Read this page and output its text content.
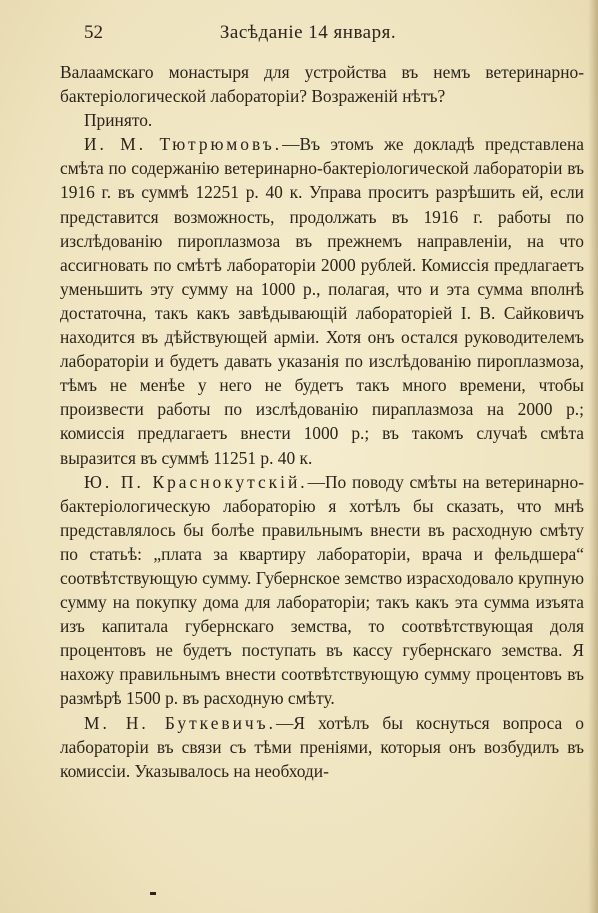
52	Засѣданіе 14 января.

Валаамскаго монастыря для устройства въ немъ ветеринарно-бактеріологической лабораторіи? Возраженій нѣтъ?

Принято.

И. М. Тютрюмовъ.—Въ этомъ же докладѣ представлена смѣта по содержанію ветеринарно-бактеріологической лабораторіи въ 1916 г. въ суммѣ 12251 р. 40 к. Управа проситъ разрѣшить ей, если представится возможность, продолжать въ 1916 г. работы по изслѣдованію пироплазмоза въ прежнемъ направленіи, на что ассигновать по смѣтѣ лабораторіи 2000 рублей. Комиссія предлагаетъ уменьшить эту сумму на 1000 р., полагая, что и эта сумма вполнѣ достаточна, такъ какъ завѣдывающій лабораторіей І. В. Сайковичъ находится въ дѣйствующей арміи. Хотя онъ остался руководителемъ лабораторіи и будетъ давать указанія по изслѣдованію пироплазмоза, тѣмъ не менѣе у него не будетъ такъ много времени, чтобы произвести работы по изслѣдованію пираплазмоза на 2000 р.; комиссія предлагаетъ внести 1000 р.; въ такомъ случаѣ смѣта выразится въ суммѣ 11251 р. 40 к.

Ю. П. Краснокутскій.—По поводу смѣты на ветеринарно-бактеріологическую лабораторію я хотѣлъ бы сказать, что мнѣ представлялось бы болѣе правильнымъ внести въ расходную смѣту по статьѣ: „плата за квартиру лабораторіи, врача и фельдшера“ соотвѣтствующую сумму. Губернское земство израсходовало крупную сумму на покупку дома для лабораторіи; такъ какъ эта сумма изъята изъ капитала губернскаго земства, то соотвѣтствующая доля процентовъ не будетъ поступать въ кассу губернскаго земства. Я нахожу правильнымъ внести соотвѣтствующую сумму процентовъ въ размѣрѣ 1500 р. въ расходную смѣту.

М. Н. Буткевичъ.—Я хотѣлъ бы коснуться вопроса о лабораторіи въ связи съ тѣми преніями, которыя онъ возбудилъ въ комиссіи. Указывалось на необходи-
